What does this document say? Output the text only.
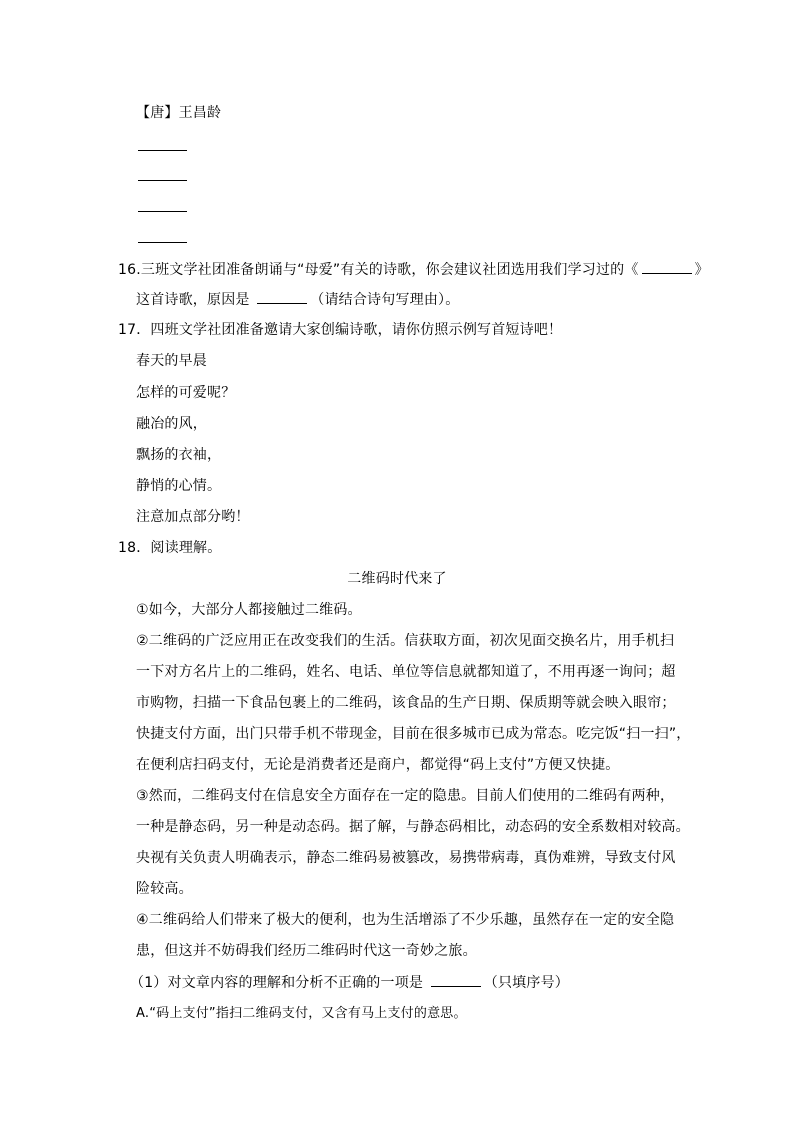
【唐】王昌龄
16.三班文学社团准备朗诵与“母爱”有关的诗歌，你会建议社团选用我们学习过的《	》
这首诗歌，原因是	（请结合诗句写理由）。
17．四班文学社团准备邀请大家创编诗歌，请你仿照示例写首短诗吧！
春天的早晨
怎样的可爱呢？
融冶的风，
飘扬的衣袖，
静悄的心情。
注意加点部分哟！
18．阅读理解。
二维码时代来了
①如今，大部分人都接触过二维码。
②二维码的广泛应用正在改变我们的生活。信获取方面，初次见面交换名片，用手机扫
一下对方名片上的二维码，姓名、电话、单位等信息就都知道了，不用再逐一询问；超
市购物，扫描一下食品包裹上的二维码，该食品的生产日期、保质期等就会映入眼帘；
快捷支付方面，出门只带手机不带现金，目前在很多城市已成为常态。吃完饭“扫一扫”，
在便利店扫码支付，无论是消费者还是商户，都觉得“码上支付”方便又快捷。
③然而，二维码支付在信息安全方面存在一定的隐患。目前人们使用的二维码有两种，
一种是静态码，另一种是动态码。据了解，与静态码相比，动态码的安全系数相对较高。
央视有关负责人明确表示，静态二维码易被篡改，易携带病毒，真伪难辨，导致支付风
险较高。
④二维码给人们带来了极大的便利，也为生活增添了不少乐趣，虽然存在一定的安全隐
患，但这并不妨碍我们经历二维码时代这一奇妙之旅。
（1）对文章内容的理解和分析不正确的一项是	（只填序号）
A.“码上支付”指扫二维码支付，又含有马上支付的意思。
